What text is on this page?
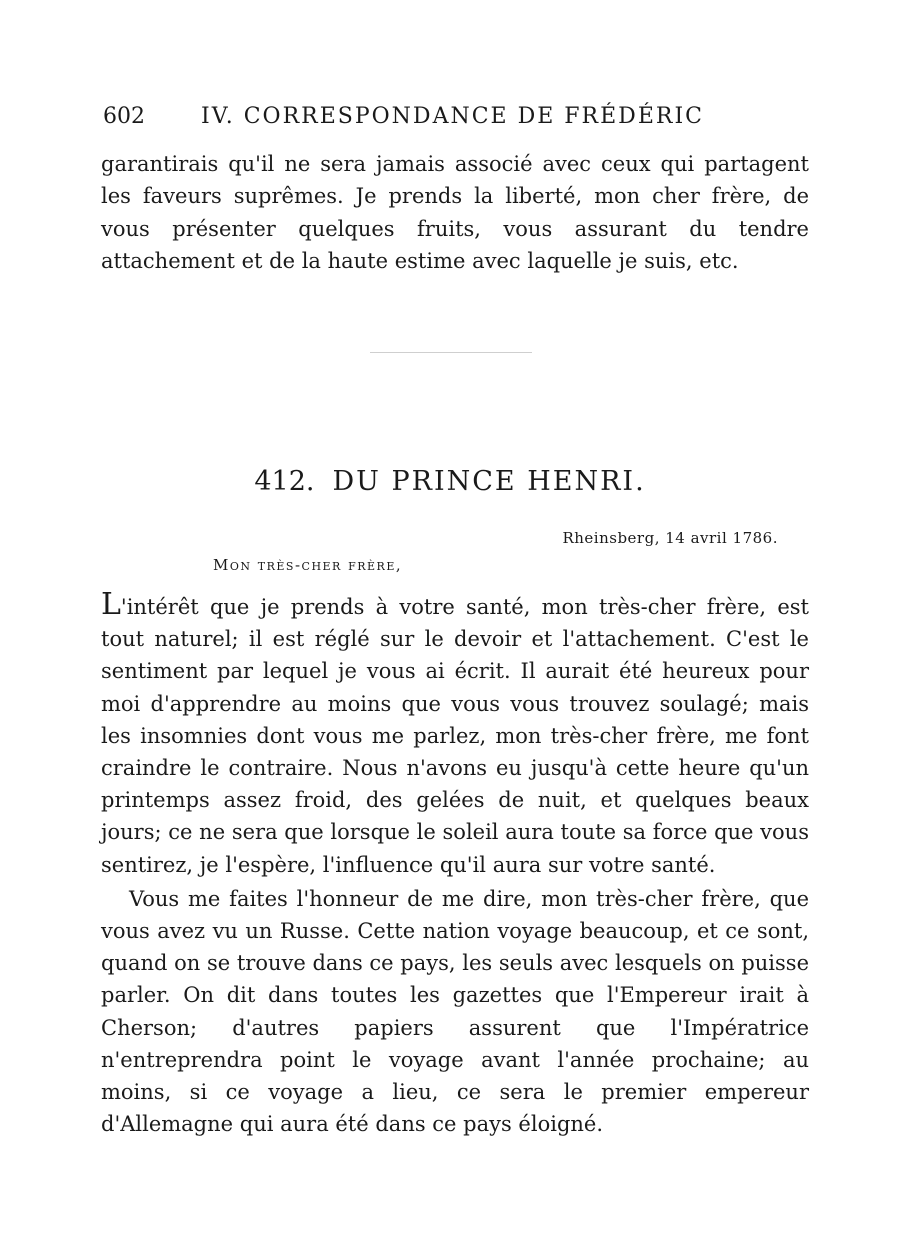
602	IV. CORRESPONDANCE DE FRÉDÉRIC

garantirais qu'il ne sera jamais associé avec ceux qui partagent les faveurs suprêmes. Je prends la liberté, mon cher frère, de vous présenter quelques fruits, vous assurant du tendre attachement et de la haute estime avec laquelle je suis, etc.

412. DU PRINCE HENRI.
Rheinsberg, 14 avril 1786.
Mon très-cher frère,

L'intérêt que je prends à votre santé, mon très-cher frère, est tout naturel; il est réglé sur le devoir et l'attachement. C'est le sentiment par lequel je vous ai écrit. Il aurait été heureux pour moi d'apprendre au moins que vous vous trouvez soulagé; mais les insomnies dont vous me parlez, mon très-cher frère, me font craindre le contraire. Nous n'avons eu jusqu'à cette heure qu'un printemps assez froid, des gelées de nuit, et quelques beaux jours; ce ne sera que lorsque le soleil aura toute sa force que vous sentirez, je l'espère, l'influence qu'il aura sur votre santé.

Vous me faites l'honneur de me dire, mon très-cher frère, que vous avez vu un Russe. Cette nation voyage beaucoup, et ce sont, quand on se trouve dans ce pays, les seuls avec lesquels on puisse parler. On dit dans toutes les gazettes que l'Empereur irait à Cherson; d'autres papiers assurent que l'Impératrice n'entreprendra point le voyage avant l'année prochaine; au moins, si ce voyage a lieu, ce sera le premier empereur d'Allemagne qui aura été dans ce pays éloigné.
